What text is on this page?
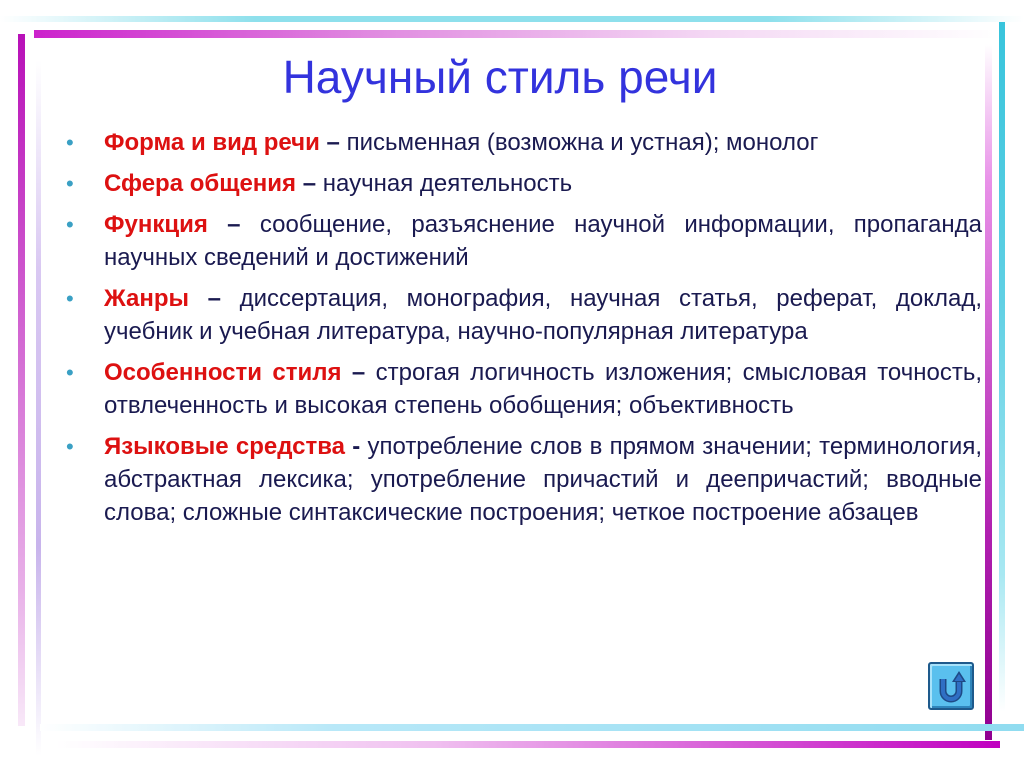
Научный стиль речи
• Форма и вид речи – письменная (возможна и устная); монолог
• Сфера общения – научная деятельность
• Функция – сообщение, разъяснение научной информации, пропаганда научных сведений и достижений
• Жанры – диссертация, монография, научная статья, реферат, доклад, учебник и учебная литература, научно-популярная литература
• Особенности стиля – строгая логичность изложения; смысловая точность, отвлеченность и высокая степень обобщения; объективность
• Языковые средства - употребление слов в прямом значении; терминология, абстрактная лексика; употребление причастий и деепричастий; вводные слова; сложные синтаксические построения; четкое построение абзацев
